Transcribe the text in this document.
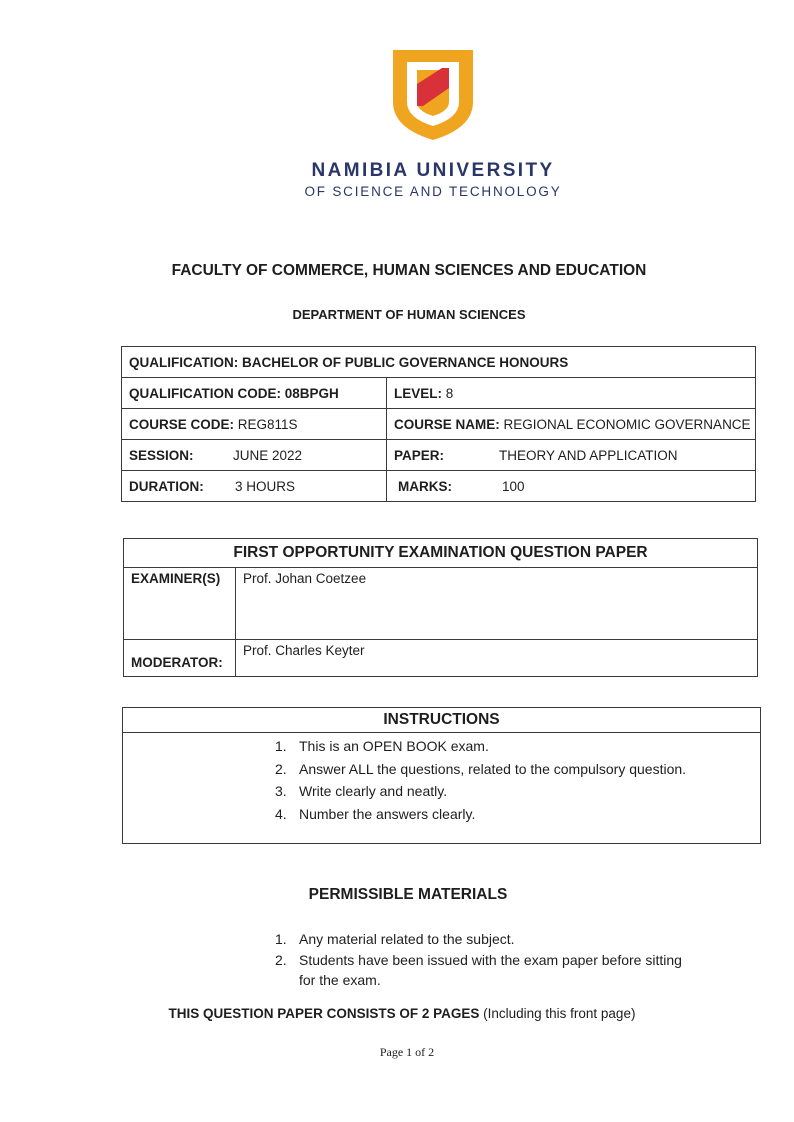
NAMIBIA UNIVERSITY
OF SCIENCE AND TECHNOLOGY
FACULTY OF COMMERCE, HUMAN SCIENCES AND EDUCATION
DEPARTMENT OF HUMAN SCIENCES
QUALIFICATION: BACHELOR OF PUBLIC GOVERNANCE HONOURS	
QUALIFICATION CODE: 08BPGH	LEVEL: 8
COURSE CODE: REG811S	COURSE NAME: REGIONAL ECONOMIC GOVERNANCE
SESSION: JUNE 2022	PAPER: THEORY AND APPLICATION
DURATION: 3 HOURS	MARKS: 100
FIRST OPPORTUNITY EXAMINATION QUESTION PAPER	
EXAMINER(S)	Prof. Johan Coetzee
MODERATOR:	Prof. Charles Keyter
INSTRUCTIONS
1. This is an OPEN BOOK exam.
2. Answer ALL the questions, related to the compulsory question.
3. Write clearly and neatly.
4. Number the answers clearly.
PERMISSIBLE MATERIALS
1. Any material related to the subject.
2. Students have been issued with the exam paper before sitting for the exam.
THIS QUESTION PAPER CONSISTS OF 2 PAGES (Including this front page)
Page 1 of 2
